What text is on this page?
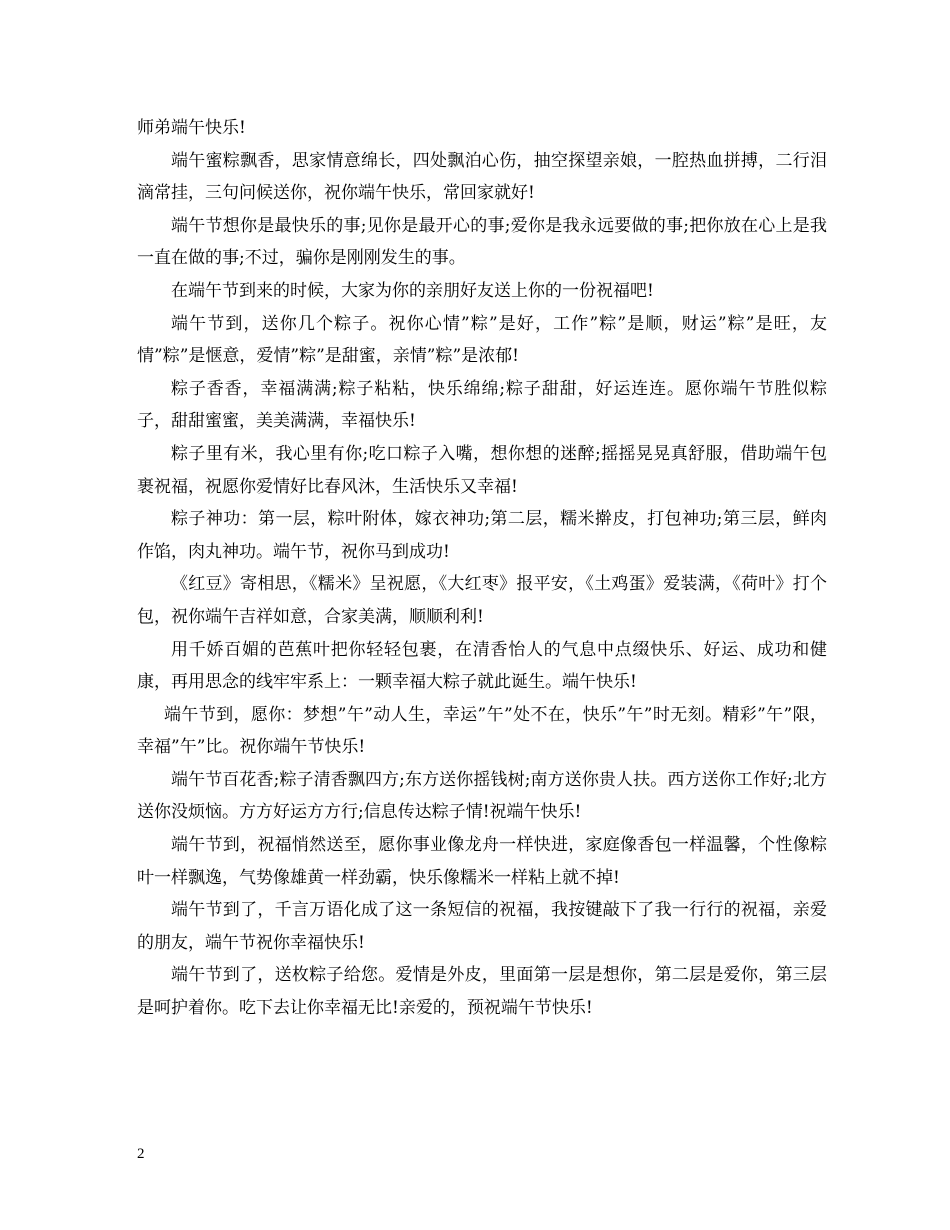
师弟端午快乐!

端午蜜粽飘香，思家情意绵长，四处飘泊心伤，抽空探望亲娘，一腔热血拼搏，二行泪滴常挂，三句问候送你，祝你端午快乐，常回家就好!

端午节想你是最快乐的事;见你是最开心的事;爱你是我永远要做的事;把你放在心上是我一直在做的事;不过，骗你是刚刚发生的事。

在端午节到来的时候，大家为你的亲朋好友送上你的一份祝福吧!

端午节到，送你几个粽子。祝你心情”粽”是好，工作”粽”是顺，财运”粽”是旺，友情”粽”是惬意，爱情”粽”是甜蜜，亲情”粽”是浓郁!

粽子香香，幸福满满;粽子粘粘，快乐绵绵;粽子甜甜，好运连连。愿你端午节胜似粽子，甜甜蜜蜜，美美满满，幸福快乐!

粽子里有米，我心里有你;吃口粽子入嘴，想你想的迷醉;摇摇晃晃真舒服，借助端午包裹祝福，祝愿你爱情好比春风沐，生活快乐又幸福!

粽子神功：第一层，粽叶附体，嫁衣神功;第二层，糯米擀皮，打包神功;第三层，鲜肉作馅，肉丸神功。端午节，祝你马到成功!

《红豆》寄相思，《糯米》呈祝愿，《大红枣》报平安，《土鸡蛋》爱装满，《荷叶》打个包，祝你端午吉祥如意，合家美满，顺顺利利!

用千娇百媚的芭蕉叶把你轻轻包裹，在清香怡人的气息中点缀快乐、好运、成功和健康，再用思念的线牢牢系上：一颗幸福大粽子就此诞生。端午快乐!

端午节到，愿你：梦想”午”动人生，幸运”午”处不在，快乐”午”时无刻。精彩”午”限，幸福”午”比。祝你端午节快乐!

端午节百花香;粽子清香飘四方;东方送你摇钱树;南方送你贵人扶。西方送你工作好;北方送你没烦恼。方方好运方方行;信息传达粽子情!祝端午快乐!

端午节到，祝福悄然送至，愿你事业像龙舟一样快进，家庭像香包一样温馨，个性像粽叶一样飘逸，气势像雄黄一样劲霸，快乐像糯米一样粘上就不掉!

端午节到了，千言万语化成了这一条短信的祝福，我按键敲下了我一行行的祝福，亲爱的朋友，端午节祝你幸福快乐!

端午节到了，送枚粽子给您。爱情是外皮，里面第一层是想你，第二层是爱你，第三层是呵护着你。吃下去让你幸福无比!亲爱的，预祝端午节快乐!

2
